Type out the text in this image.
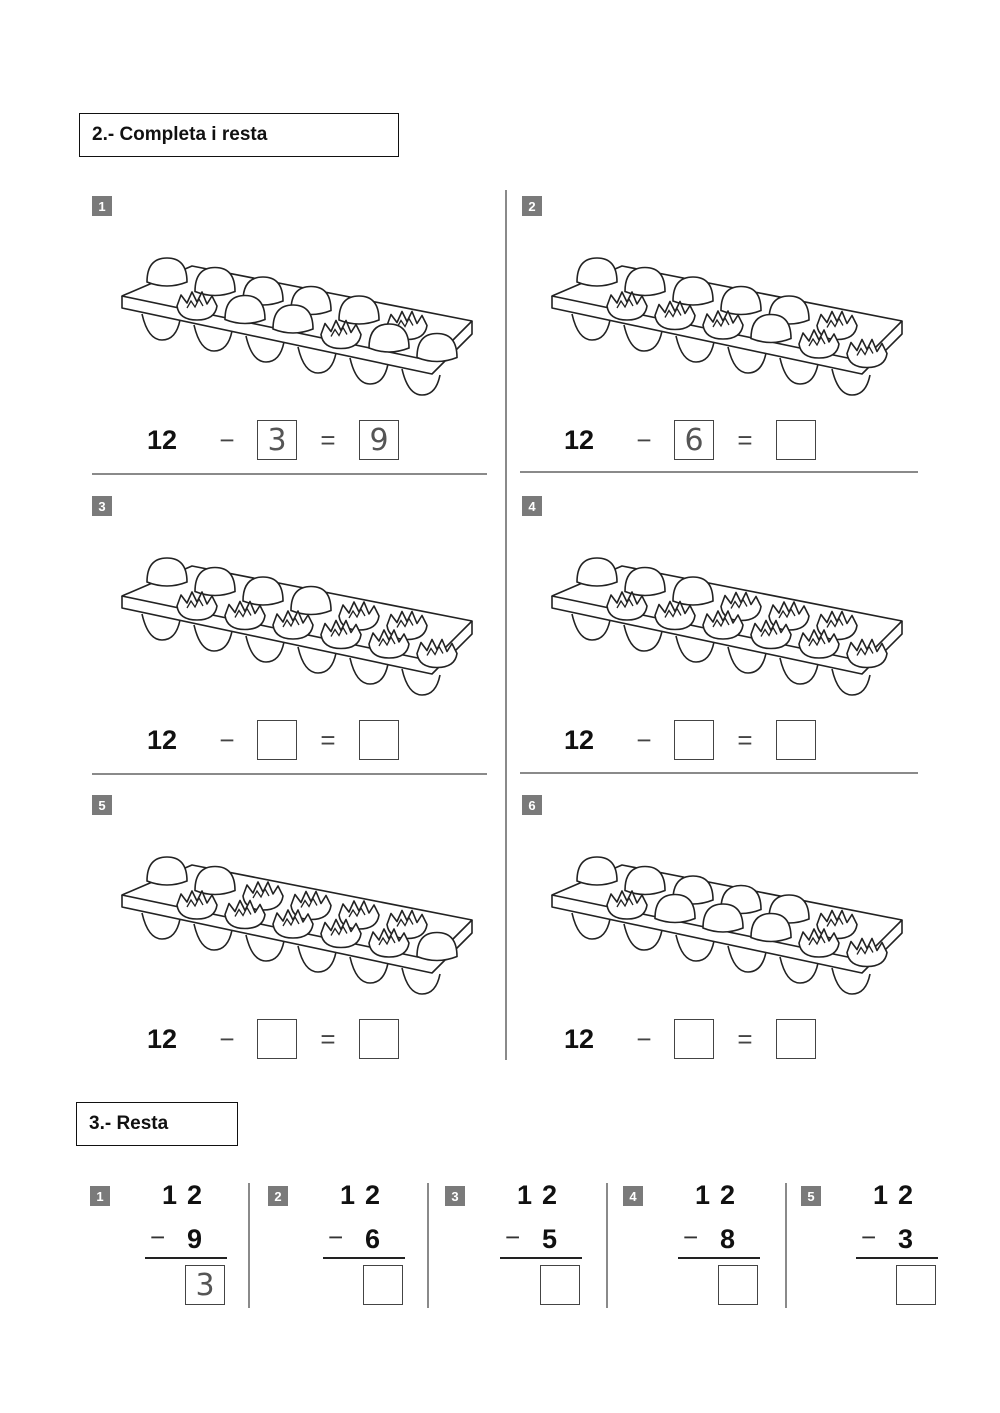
2.- Completa i resta
1
12	−	3	=	9
2
12	−	6	=
3
12	−	=
4
12	−	=
5
12	−	=
6
12	−	=
3.- Resta
1 12
− 9
3
2 12
− 6
3 12
− 5
4 12
− 8
5 12
− 3
